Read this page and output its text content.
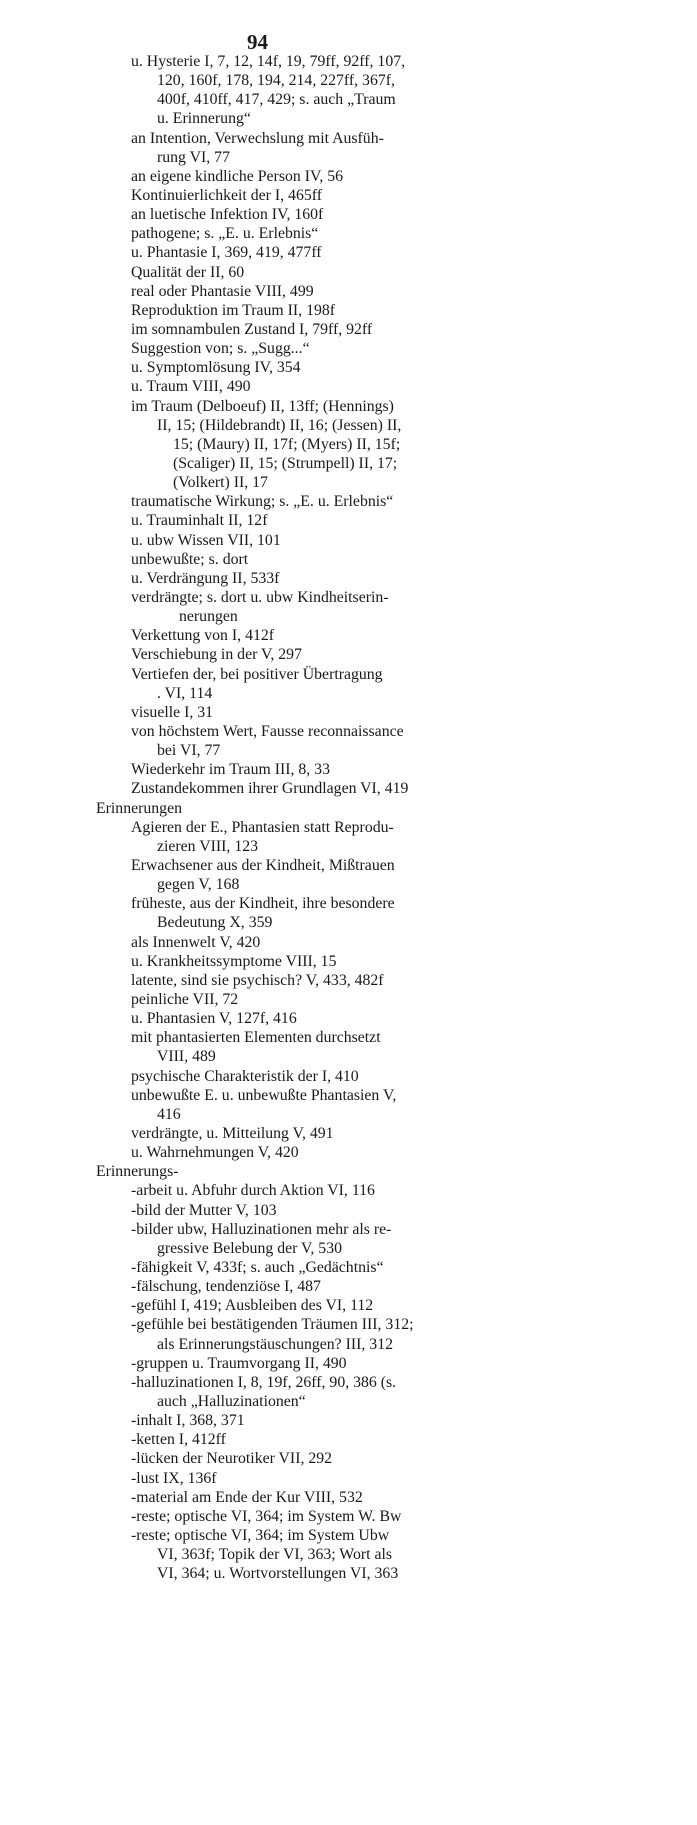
94
u. Hysterie I, 7, 12, 14f, 19, 79ff, 92ff, 107,
120, 160f, 178, 194, 214, 227ff, 367f,
400f, 410ff, 417, 429; s. auch „Traum
u. Erinnerung“
an Intention, Verwechslung mit Ausfüh-
rung VI, 77
an eigene kindliche Person IV, 56
Kontinuierlichkeit der I, 465ff
an luetische Infektion IV, 160f
pathogene; s. „E. u. Erlebnis“
u. Phantasie I, 369, 419, 477ff
Qualität der II, 60
real oder Phantasie VIII, 499
Reproduktion im Traum II, 198f
im somnambulen Zustand I, 79ff, 92ff
Suggestion von; s. „Sugg...“
u. Symptomlösung IV, 354
u. Traum VIII, 490
im Traum (Delboeuf) II, 13ff; (Hennings)
II, 15; (Hildebrandt) II, 16; (Jessen) II,
15; (Maury) II, 17f; (Myers) II, 15f;
(Scaliger) II, 15; (Strumpell) II, 17;
(Volkert) II, 17
traumatische Wirkung; s. „E. u. Erlebnis“
u. Trauminhalt II, 12f
u. ubw Wissen VII, 101
unbewußte; s. dort
u. Verdrängung II, 533f
verdrängte; s. dort u. ubw Kindheitserin-
nerungen
Verkettung von I, 412f
Verschiebung in der V, 297
Vertiefen der, bei positiver Übertragung
. VI, 114
visuelle I, 31
von höchstem Wert, Fausse reconnaissance
bei VI, 77
Wiederkehr im Traum III, 8, 33
Zustandekommen ihrer Grundlagen VI, 419
Erinnerungen
Agieren der E., Phantasien statt Reprodu-
zieren VIII, 123
Erwachsener aus der Kindheit, Mißtrauen
gegen V, 168
früheste, aus der Kindheit, ihre besondere
Bedeutung X, 359
als Innenwelt V, 420
u. Krankheitssymptome VIII, 15
latente, sind sie psychisch? V, 433, 482f
peinliche VII, 72
u. Phantasien V, 127f, 416
mit phantasierten Elementen durchsetzt
VIII, 489
psychische Charakteristik der I, 410
unbewußte E. u. unbewußte Phantasien V,
416
verdrängte, u. Mitteilung V, 491
u. Wahrnehmungen V, 420
Erinnerungs-
-arbeit u. Abfuhr durch Aktion VI, 116
-bild der Mutter V, 103
-bilder ubw, Halluzinationen mehr als re-
gressive Belebung der V, 530
-fähigkeit V, 433f; s. auch „Gedächtnis“
-fälschung, tendenziöse I, 487
-gefühl I, 419; Ausbleiben des VI, 112
-gefühle bei bestätigenden Träumen III, 312;
als Erinnerungstäuschungen? III, 312
-gruppen u. Traumvorgang II, 490
-halluzinationen I, 8, 19f, 26ff, 90, 386 (s.
auch „Halluzinationen“
-inhalt I, 368, 371
-ketten I, 412ff
-lücken der Neurotiker VII, 292
-lust IX, 136f
-material am Ende der Kur VIII, 532
-reste; optische VI, 364; im System W. Bw
-reste; optische VI, 364; im System Ubw
VI, 363f; Topik der VI, 363; Wort als
VI, 364; u. Wortvorstellungen VI, 363
